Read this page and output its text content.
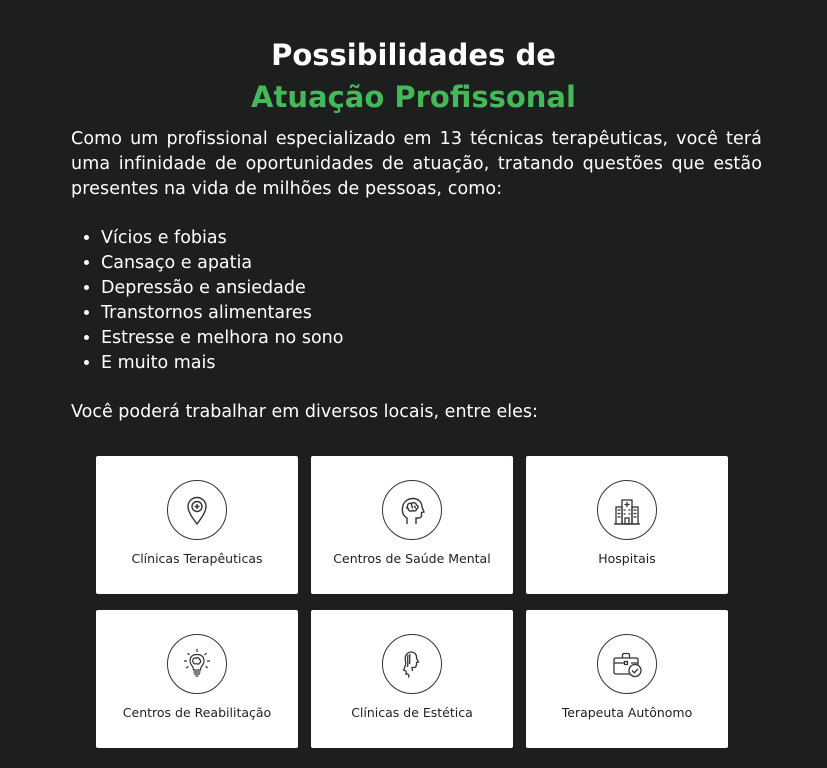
Possibilidades de
Atuação Profissonal

Como um profissional especializado em 13 técnicas terapêuticas, você terá uma infinidade de oportunidades de atuação, tratando questões que estão presentes na vida de milhões de pessoas, como:

• Vícios e fobias
• Cansaço e apatia
• Depressão e ansiedade
• Transtornos alimentares
• Estresse e melhora no sono
• E muito mais

Você poderá trabalhar em diversos locais, entre eles:

Clínicas Terapêuticas	Centros de Saúde Mental	Hospitais
Centros de Reabilitação	Clínicas de Estética	Terapeuta Autônomo
